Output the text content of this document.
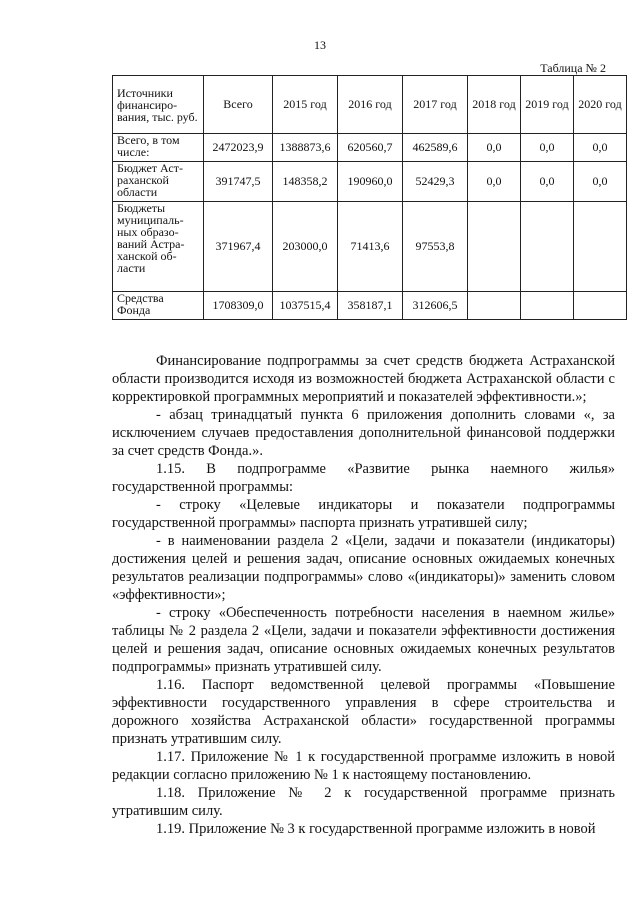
13
Таблица № 2
Источники финансиро-вания, тыс. руб.	Всего	2015 год	2016 год	2017 год	2018 год	2019 год	2020 год
Всего, в том числе:	2472023,9	1388873,6	620560,7	462589,6	0,0	0,0	0,0
Бюджет Аст-раханской области	391747,5	148358,2	190960,0	52429,3	0,0	0,0	0,0
Бюджеты муниципаль-ных образо-ваний Астра-ханской об-ласти	371967,4	203000,0	71413,6	97553,8			
Средства Фонда	1708309,0	1037515,4	358187,1	312606,5			

Финансирование подпрограммы за счет средств бюджета Астраханской области производится исходя из возможностей бюджета Астраханской области с корректировкой программных мероприятий и показателей эффективности.»;

- абзац тринадцатый пункта 6 приложения дополнить словами «, за исключением случаев предоставления дополнительной финансовой поддержки за счет средств Фонда.».

1.15. В подпрограмме «Развитие рынка наемного жилья» государственной программы:

- строку «Целевые индикаторы и показатели подпрограммы государственной программы» паспорта признать утратившей силу;

- в наименовании раздела 2 «Цели, задачи и показатели (индикаторы) достижения целей и решения задач, описание основных ожидаемых конечных результатов реализации подпрограммы» слово «(индикаторы)» заменить словом «эффективности»;

- строку «Обеспеченность потребности населения в наемном жилье» таблицы № 2 раздела 2 «Цели, задачи и показатели эффективности достижения целей и решения задач, описание основных ожидаемых конечных результатов подпрограммы» признать утратившей силу.

1.16. Паспорт ведомственной целевой программы «Повышение эффективности государственного управления в сфере строительства и дорожного хозяйства Астраханской области» государственной программы признать утратившим силу.

1.17. Приложение № 1 к государственной программе изложить в новой редакции согласно приложению № 1 к настоящему постановлению.

1.18. Приложение № 2 к государственной программе признать утратившим силу.

1.19. Приложение № 3 к государственной программе изложить в новой
